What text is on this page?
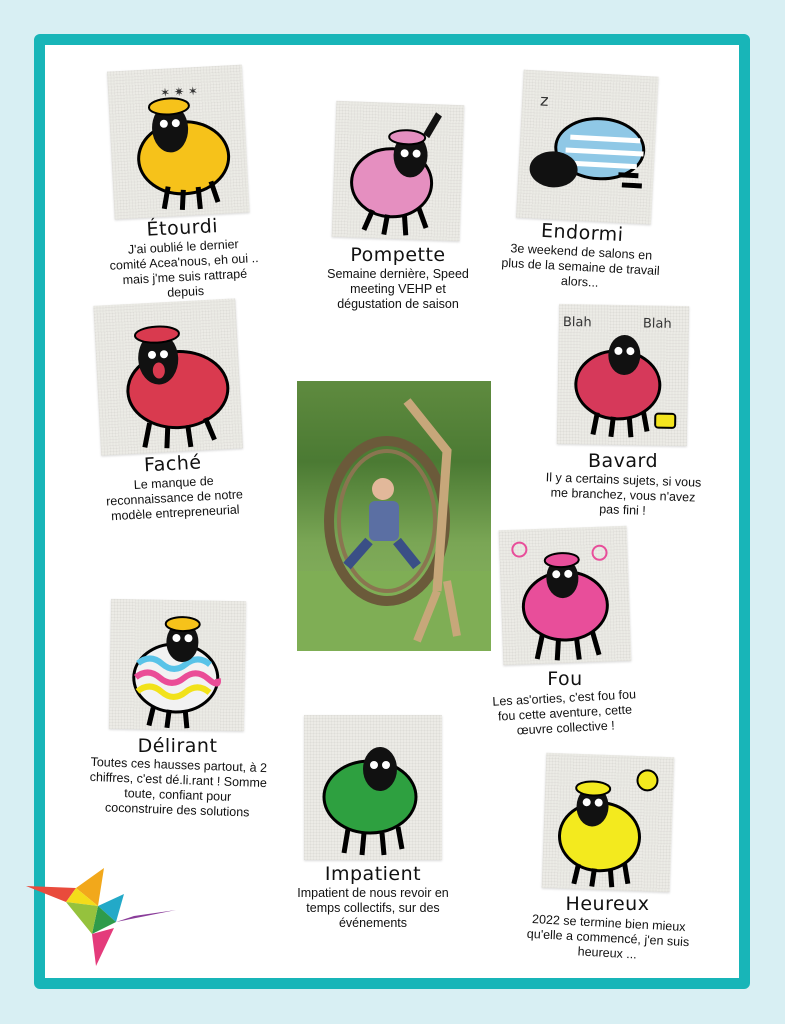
✶ ✷ ✶
Étourdi
J'ai oublié le dernier comité Acea'nous, eh oui .. mais j'me suis rattrapé depuis
Pompette
Semaine dernière, Speed meeting VEHP et dégustation de saison
z
Endormi
3e weekend de salons en plus de la semaine de travail alors...
Faché
Le manque de reconnaissance de notre modèle entrepreneurial
Blah	Blah
Bavard
Il y a certains sujets, si vous me branchez, vous n'avez pas fini !
Fou
Les as'orties, c'est fou fou fou cette aventure, cette œuvre collective !
Délirant
Toutes ces hausses partout, à 2 chiffres, c'est dé.li.rant ! Somme toute, confiant pour coconstruire des solutions
Impatient
Impatient de nous revoir en temps collectifs, sur des événements
Heureux
2022 se termine bien mieux qu'elle a commencé, j'en suis heureux ...
